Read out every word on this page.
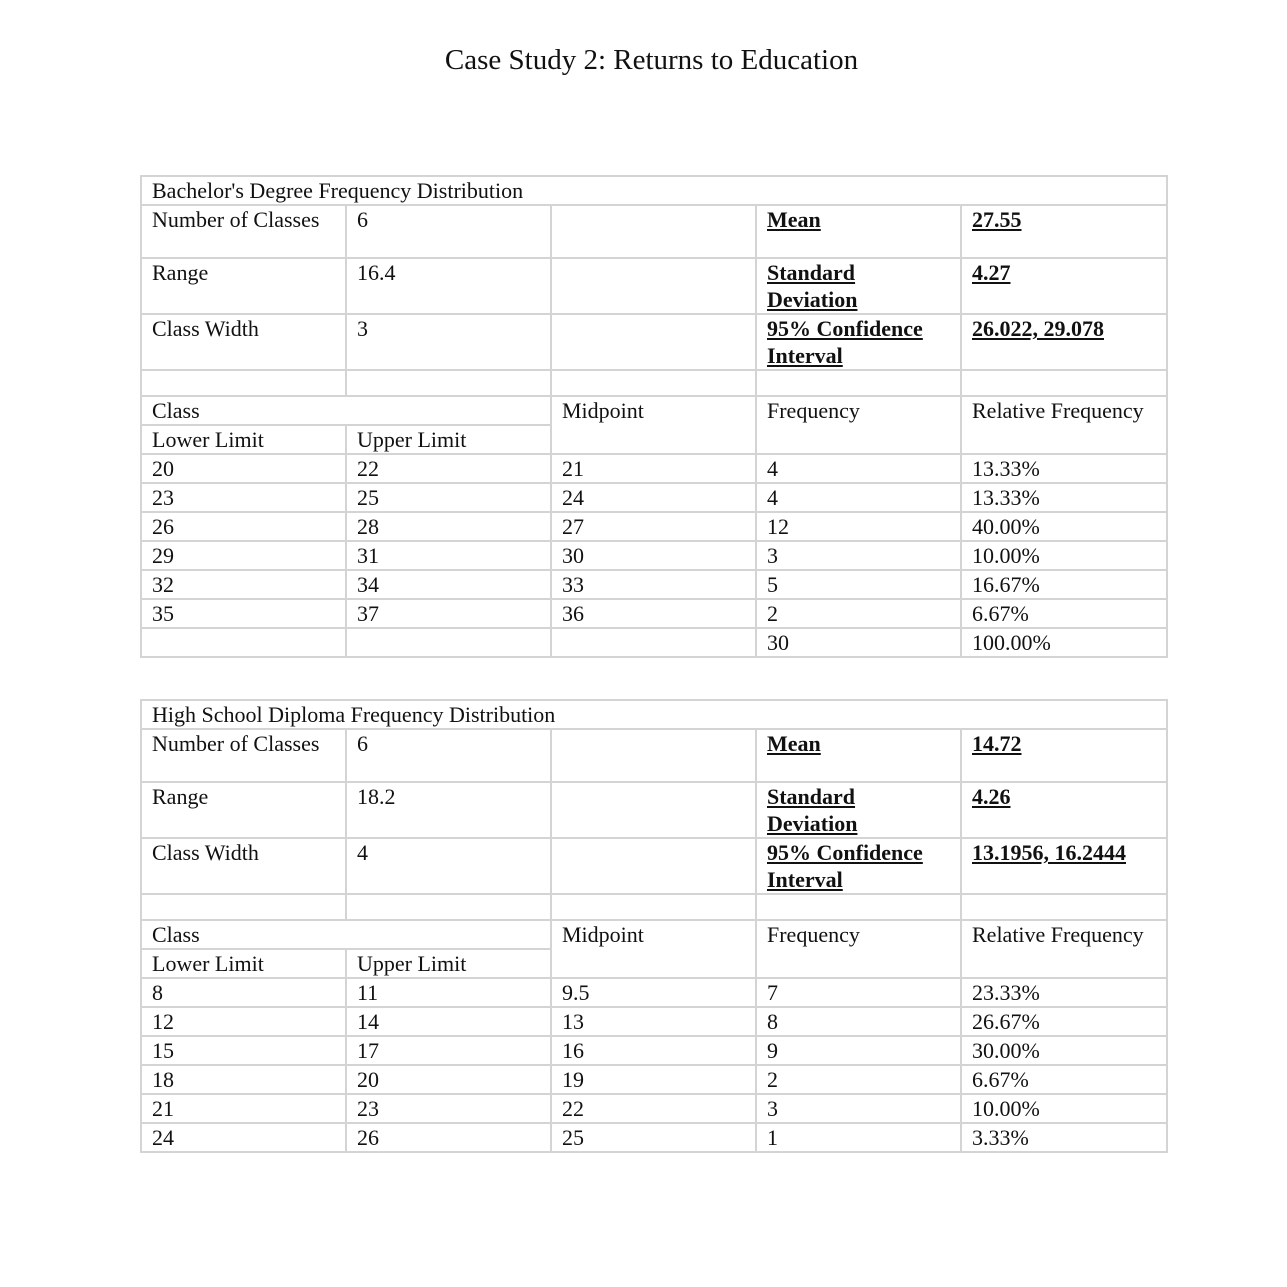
Case Study 2: Returns to Education
Bachelor's Degree Frequency Distribution				
Number of Classes	6		Mean	27.55
Range	16.4		Standard Deviation	4.27
Class Width	3		95% Confidence Interval	26.022, 29.078

Class		Midpoint	Frequency	Relative Frequency
Lower Limit	Upper Limit			
20	22	21	4	13.33%
23	25	24	4	13.33%
26	28	27	12	40.00%
29	31	30	3	10.00%
32	34	33	5	16.67%
35	37	36	2	6.67%
			30	100.00%
High School Diploma Frequency Distribution				
Number of Classes	6		Mean	14.72
Range	18.2		Standard Deviation	4.26
Class Width	4		95% Confidence Interval	13.1956, 16.2444

Class		Midpoint	Frequency	Relative Frequency
Lower Limit	Upper Limit			
8	11	9.5	7	23.33%
12	14	13	8	26.67%
15	17	16	9	30.00%
18	20	19	2	6.67%
21	23	22	3	10.00%
24	26	25	1	3.33%
